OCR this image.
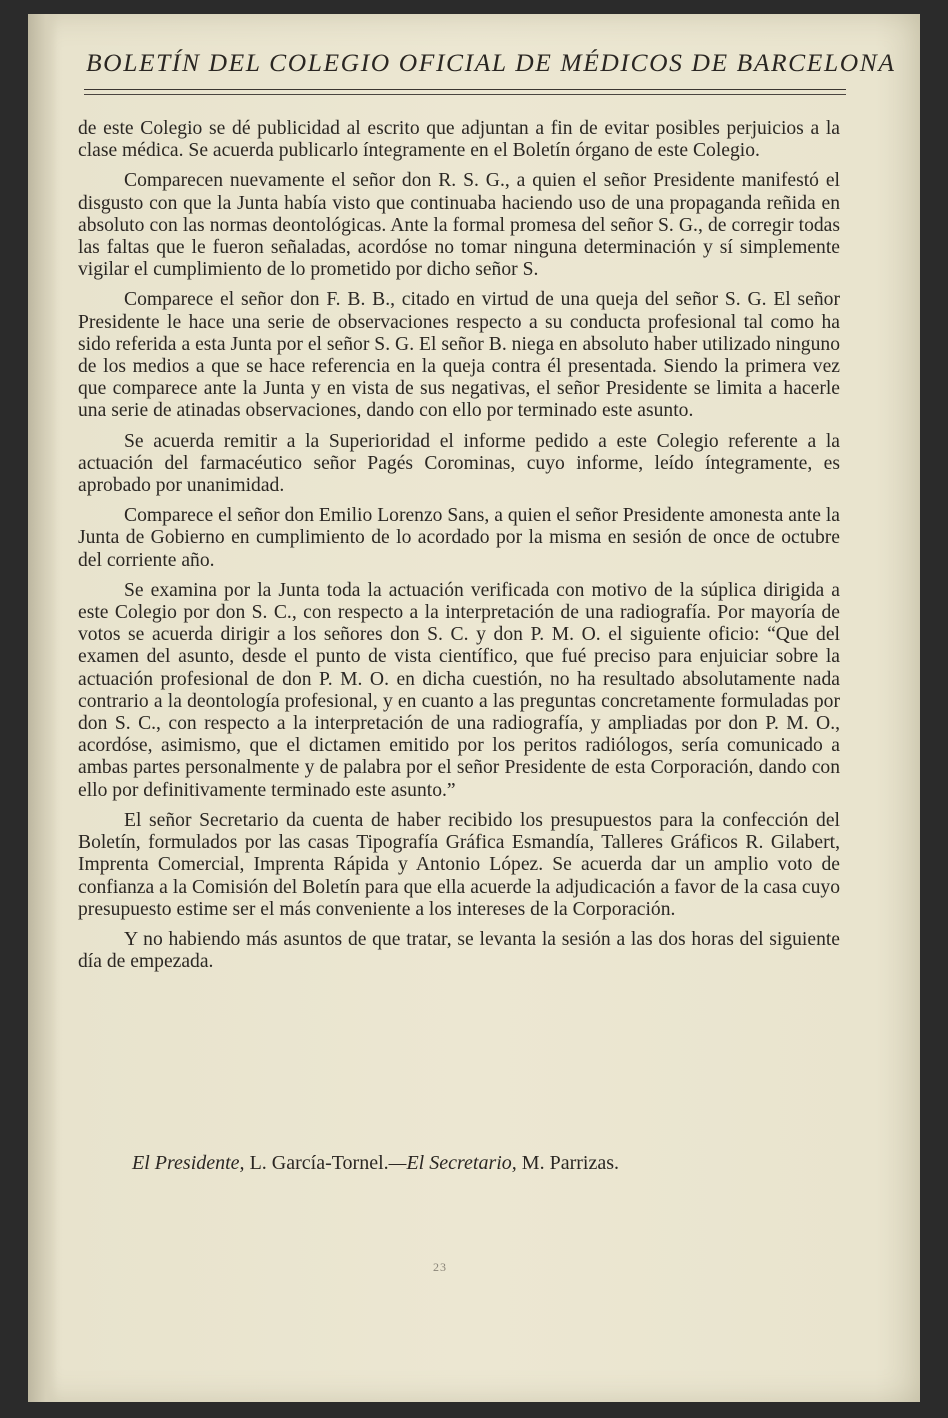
BOLETÍN DEL COLEGIO OFICIAL DE MÉDICOS DE BARCELONA

de este Colegio se dé publicidad al escrito que adjuntan a fin de evitar posibles perjuicios a la clase médica. Se acuerda publicarlo íntegramente en el Boletín órgano de este Colegio.

Comparecen nuevamente el señor don R. S. G., a quien el señor Presidente manifestó el disgusto con que la Junta había visto que continuaba haciendo uso de una propaganda reñida en absoluto con las normas deontológicas. Ante la formal promesa del señor S. G., de corregir todas las faltas que le fueron señaladas, acordóse no tomar ninguna determinación y sí simplemente vigilar el cumplimiento de lo prometido por dicho señor S.

Comparece el señor don F. B. B., citado en virtud de una queja del señor S. G. El señor Presidente le hace una serie de observaciones respecto a su conducta profesional tal como ha sido referida a esta Junta por el señor S. G. El señor B. niega en absoluto haber utilizado ninguno de los medios a que se hace referencia en la queja contra él presentada. Siendo la primera vez que comparece ante la Junta y en vista de sus negativas, el señor Presidente se limita a hacerle una serie de atinadas observaciones, dando con ello por terminado este asunto.

Se acuerda remitir a la Superioridad el informe pedido a este Colegio referente a la actuación del farmacéutico señor Pagés Corominas, cuyo informe, leído íntegramente, es aprobado por unanimidad.

Comparece el señor don Emilio Lorenzo Sans, a quien el señor Presidente amonesta ante la Junta de Gobierno en cumplimiento de lo acordado por la misma en sesión de once de octubre del corriente año.

Se examina por la Junta toda la actuación verificada con motivo de la súplica dirigida a este Colegio por don S. C., con respecto a la interpretación de una radiografía. Por mayoría de votos se acuerda dirigir a los señores don S. C. y don P. M. O. el siguiente oficio: “Que del examen del asunto, desde el punto de vista científico, que fué preciso para enjuiciar sobre la actuación profesional de don P. M. O. en dicha cuestión, no ha resultado absolutamente nada contrario a la deontología profesional, y en cuanto a las preguntas concretamente formuladas por don S. C., con respecto a la interpretación de una radiografía, y ampliadas por don P. M. O., acordóse, asimismo, que el dictamen emitido por los peritos radiólogos, sería comunicado a ambas partes personalmente y de palabra por el señor Presidente de esta Corporación, dando con ello por definitivamente terminado este asunto.”

El señor Secretario da cuenta de haber recibido los presupuestos para la confección del Boletín, formulados por las casas Tipografía Gráfica Esmandía, Talleres Gráficos R. Gilabert, Imprenta Comercial, Imprenta Rápida y Antonio López. Se acuerda dar un amplio voto de confianza a la Comisión del Boletín para que ella acuerde la adjudicación a favor de la casa cuyo presupuesto estime ser el más conveniente a los intereses de la Corporación.

Y no habiendo más asuntos de que tratar, se levanta la sesión a las dos horas del siguiente día de empezada.

El Presidente, L. García-Tornel.—El Secretario, M. Parrizas.
23
